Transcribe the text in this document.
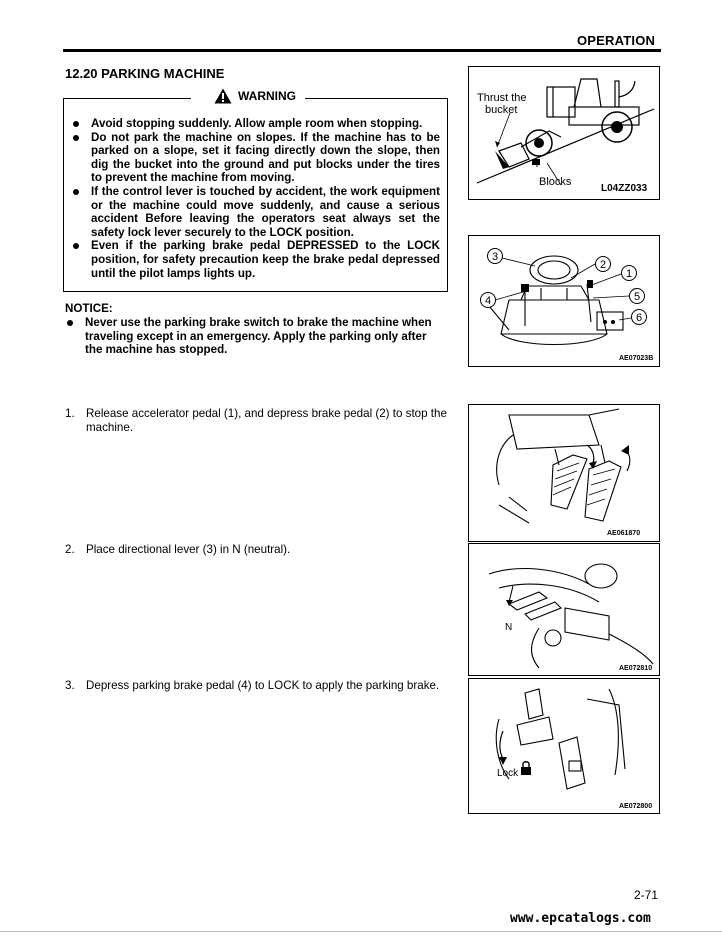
OPERATION
12.20 PARKING MACHINE
WARNING
Avoid stopping suddenly. Allow ample room when stopping.
Do not park the machine on slopes. If the machine has to be parked on a slope, set it facing directly down the slope, then dig the bucket into the ground and put blocks under the tires to prevent the machine from moving.
If the control lever is touched by accident, the work equipment or the machine could move suddenly, and cause a serious accident Before leaving the operators seat always set the safety lock lever securely to the LOCK position.
Even if the parking brake pedal DEPRESSED to the LOCK position, for safety precaution keep the brake pedal depressed until the pilot lamps lights up.
NOTICE:
Never use the parking brake switch to brake the machine when traveling except in an emergency. Apply the parking only after the machine has stopped.
1. Release accelerator pedal (1), and depress brake pedal (2) to stop the machine.
2. Place directional lever (3) in N (neutral).
3. Depress parking brake pedal (4) to LOCK to apply the parking brake.
Thrust the
bucket
Blocks
L04ZZ033
3
2
1
4	5
6
AE07023B
AE061870
N
AE072810
Lock
AE072800
2-71
www.epcatalogs.com
